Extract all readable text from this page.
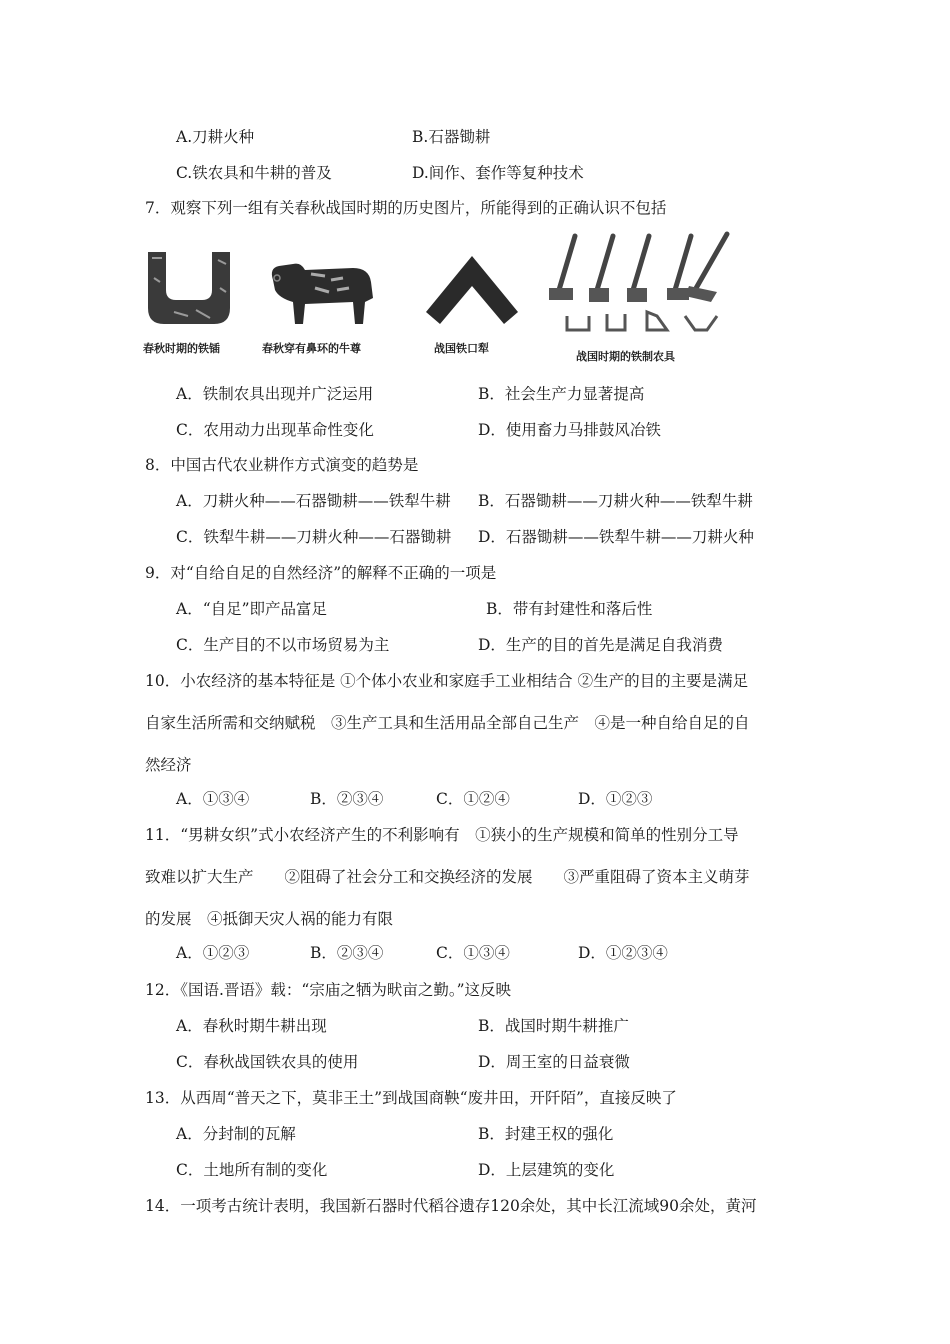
A.刀耕火种	B.石器锄耕
C.铁农具和牛耕的普及	D.间作、套作等复种技术
7．观察下列一组有关春秋战国时期的历史图片，所能得到的正确认识不包括
春秋时期的铁锸	春秋穿有鼻环的牛尊	战国铁口犁
战国时期的铁制农具
A．铁制农具出现并广泛运用	B．社会生产力显著提高
C．农用动力出现革命性变化	D．使用畜力马排鼓风冶铁
8．中国古代农业耕作方式演变的趋势是
A．刀耕火种——石器锄耕——铁犁牛耕 B．石器锄耕——刀耕火种——铁犁牛耕
C．铁犁牛耕——刀耕火种——石器锄耕 D．石器锄耕——铁犁牛耕——刀耕火种
9．对“自给自足的自然经济”的解释不正确的一项是
A．“自足”即产品富足	B．带有封建性和落后性
C．生产目的不以市场贸易为主	D．生产的目的首先是满足自我消费
10．小农经济的基本特征是 ①个体小农业和家庭手工业相结合 ②生产的目的主要是满足
自家生活所需和交纳赋税　③生产工具和生活用品全部自己生产　④是一种自给自足的自
然经济
A．①③④	B．②③④	C．①②④	D．①②③
11．“男耕女织”式小农经济产生的不利影响有　①狭小的生产规模和简单的性别分工导
致难以扩大生产　　②阻碍了社会分工和交换经济的发展　　③严重阻碍了资本主义萌芽
的发展　④抵御天灾人祸的能力有限
A．①②③	B．②③④	C．①③④	D．①②③④
12．《国语.晋语》载：“宗庙之牺为畎亩之勤。”这反映
A．春秋时期牛耕出现	B．战国时期牛耕推广
C．春秋战国铁农具的使用	D．周王室的日益衰微
13．从西周“普天之下，莫非王土”到战国商鞅“废井田，开阡陌”，直接反映了
A．分封制的瓦解	B．封建王权的强化
C．土地所有制的变化	D．上层建筑的变化
14．一项考古统计表明，我国新石器时代稻谷遗存120余处，其中长江流域90余处，黄河
